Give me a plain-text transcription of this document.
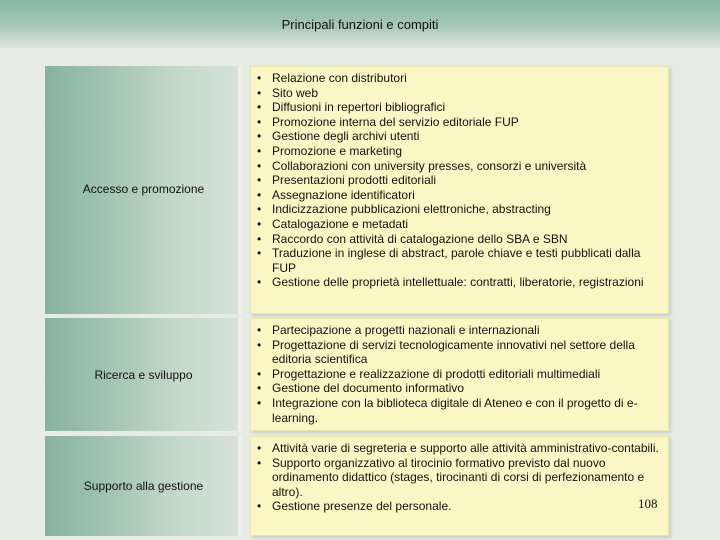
Principali funzioni e compiti
Accesso e promozione
• Relazione con distributori
• Sito web
• Diffusioni in repertori bibliografici
• Promozione interna del servizio editoriale FUP
• Gestione degli archivi utenti
• Promozione e marketing
• Collaborazioni con university presses, consorzi e università
• Presentazioni prodotti editoriali
• Assegnazione identificatori
• Indicizzazione pubblicazioni elettroniche, abstracting
• Catalogazione e metadati
• Raccordo con attività di catalogazione dello SBA e SBN
• Traduzione in inglese di abstract, parole chiave e testi pubblicati dalla FUP
• Gestione delle proprietà intellettuale: contratti, liberatorie, registrazioni
Ricerca e sviluppo
• Partecipazione a progetti nazionali e internazionali
• Progettazione di servizi tecnologicamente innovativi nel settore della editoria scientifica
• Progettazione e realizzazione di prodotti editoriali multimediali
• Gestione del documento informativo
• Integrazione con la biblioteca digitale di Ateneo e con il progetto di e-learning.
Supporto alla gestione
• Attività varie di segreteria e supporto alle attività amministrativo-contabili.
• Supporto organizzativo al tirocinio formativo previsto dal nuovo ordinamento didattico (stages, tirocinanti di corsi di perfezionamento e altro).
• Gestione presenze del personale.	108
